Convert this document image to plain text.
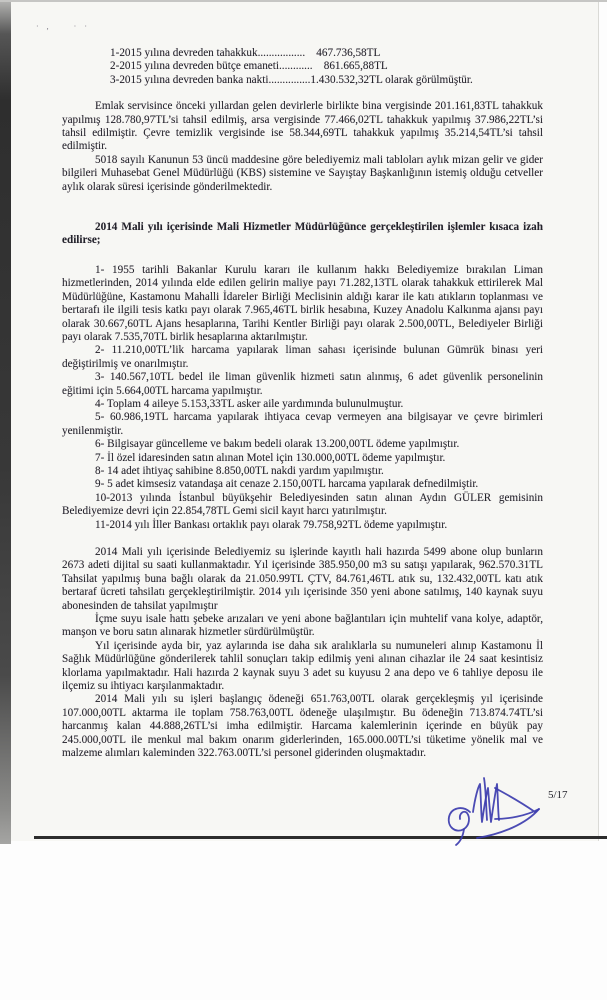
· ,	· ·

1-2015 yılına devreden tahakkuk.................    467.736,58TL

2-2015 yılına devreden bütçe emaneti............    861.665,88TL

3-2015 yılına devreden banka nakti...............1.430.532,32TL olarak görülmüştür.

Emlak servisince önceki yıllardan gelen devirlerle birlikte bina vergisinde 201.161,83TL tahakkuk yapılmış 128.780,97TL’si tahsil edilmiş, arsa vergisinde 77.466,02TL tahakkuk yapılmış 37.986,22TL’si tahsil edilmiştir. Çevre temizlik vergisinde ise 58.344,69TL tahakkuk yapılmış 35.214,54TL’si tahsil edilmiştir.

5018 sayılı Kanunun 53 üncü maddesine göre belediyemiz mali tabloları aylık mizan gelir ve gider bilgileri Muhasebat Genel Müdürlüğü (KBS) sistemine ve Sayıştay Başkanlığının istemiş olduğu cetveller aylık olarak süresi içerisinde gönderilmektedir.

2014 Mali yılı içerisinde Mali Hizmetler Müdürlüğünce gerçekleştirilen işlemler kısaca izah edilirse;

1- 1955 tarihli Bakanlar Kurulu kararı ile kullanım hakkı Belediyemize bırakılan Liman hizmetlerinden, 2014 yılında elde edilen gelirin maliye payı 71.282,13TL olarak tahakkuk ettirilerek Mal Müdürlüğüne, Kastamonu Mahalli İdareler Birliği Meclisinin aldığı karar ile katı atıkların toplanması ve bertarafı ile ilgili tesis katkı payı olarak 7.965,46TL birlik hesabına, Kuzey Anadolu Kalkınma ajansı payı olarak 30.667,60TL Ajans hesaplarına, Tarihi Kentler Birliği payı olarak 2.500,00TL, Belediyeler Birliği payı olarak 7.535,70TL birlik hesaplarına aktarılmıştır.

2- 11.210,00TL’lik harcama yapılarak liman sahası içerisinde bulunan Gümrük binası yeri değiştirilmiş ve onarılmıştır.

3- 140.567,10TL bedel ile liman güvenlik hizmeti satın alınmış, 6 adet güvenlik personelinin eğitimi için 5.664,00TL harcama yapılmıştır.

4- Toplam 4 aileye 5.153,33TL asker aile yardımında bulunulmuştur.

5- 60.986,19TL harcama yapılarak ihtiyaca cevap vermeyen ana bilgisayar ve çevre birimleri yenilenmiştir.

6- Bilgisayar güncelleme ve bakım bedeli olarak 13.200,00TL ödeme yapılmıştır.

7- İl özel idaresinden satın alınan Motel için 130.000,00TL ödeme yapılmıştır.

8- 14 adet ihtiyaç sahibine 8.850,00TL nakdi yardım yapılmıştır.

9- 5 adet kimsesiz vatandaşa ait cenaze 2.150,00TL harcama yapılarak defnedilmiştir.

10-2013 yılında İstanbul büyükşehir Belediyesinden satın alınan Aydın GÜLER gemisinin Belediyemize devri için 22.854,78TL Gemi sicil kayıt harcı yatırılmıştır.

11-2014 yılı İller Bankası ortaklık payı olarak 79.758,92TL ödeme yapılmıştır.

2014 Mali yılı içerisinde Belediyemiz su işlerinde kayıtlı hali hazırda 5499 abone olup bunların 2673 adeti dijital su saati kullanmaktadır. Yıl içerisinde 385.950,00 m3 su satışı yapılarak, 962.570.31TL Tahsilat yapılmış buna bağlı olarak da 21.050.99TL ÇTV, 84.761,46TL atık su, 132.432,00TL katı atık bertaraf ücreti tahsilatı gerçekleştirilmiştir. 2014 yılı içerisinde 350 yeni abone satılmış, 140 kaynak suyu abonesinden de tahsilat yapılmıştır

İçme suyu isale hattı şebeke arızaları ve yeni abone bağlantıları için muhtelif vana kolye, adaptör, manşon ve boru satın alınarak hizmetler sürdürülmüştür.

Yıl içerisinde ayda bir, yaz aylarında ise daha sık aralıklarla su numuneleri alınıp Kastamonu İl Sağlık Müdürlüğüne gönderilerek tahlil sonuçları takip edilmiş yeni alınan cihazlar ile 24 saat kesintisiz klorlama yapılmaktadır. Hali hazırda 2 kaynak suyu 3 adet su kuyusu 2 ana depo ve 6 tahliye deposu ile ilçemiz su ihtiyacı karşılanmaktadır.

2014 Mali yılı su işleri başlangıç ödeneği 651.763,00TL olarak gerçekleşmiş yıl içerisinde 107.000,00TL aktarma ile toplam 758.763,00TL ödeneğe ulaşılmıştır. Bu ödeneğin 713.874.74TL’si harcanmış kalan 44.888,26TL’si imha edilmiştir. Harcama kalemlerinin içerinde en büyük pay 245.000,00TL ile menkul mal bakım onarım giderlerinden, 165.000.00TL’si tüketime yönelik mal ve malzeme alımları kaleminden 322.763.00TL’si personel giderinden oluşmaktadır.

5/17
